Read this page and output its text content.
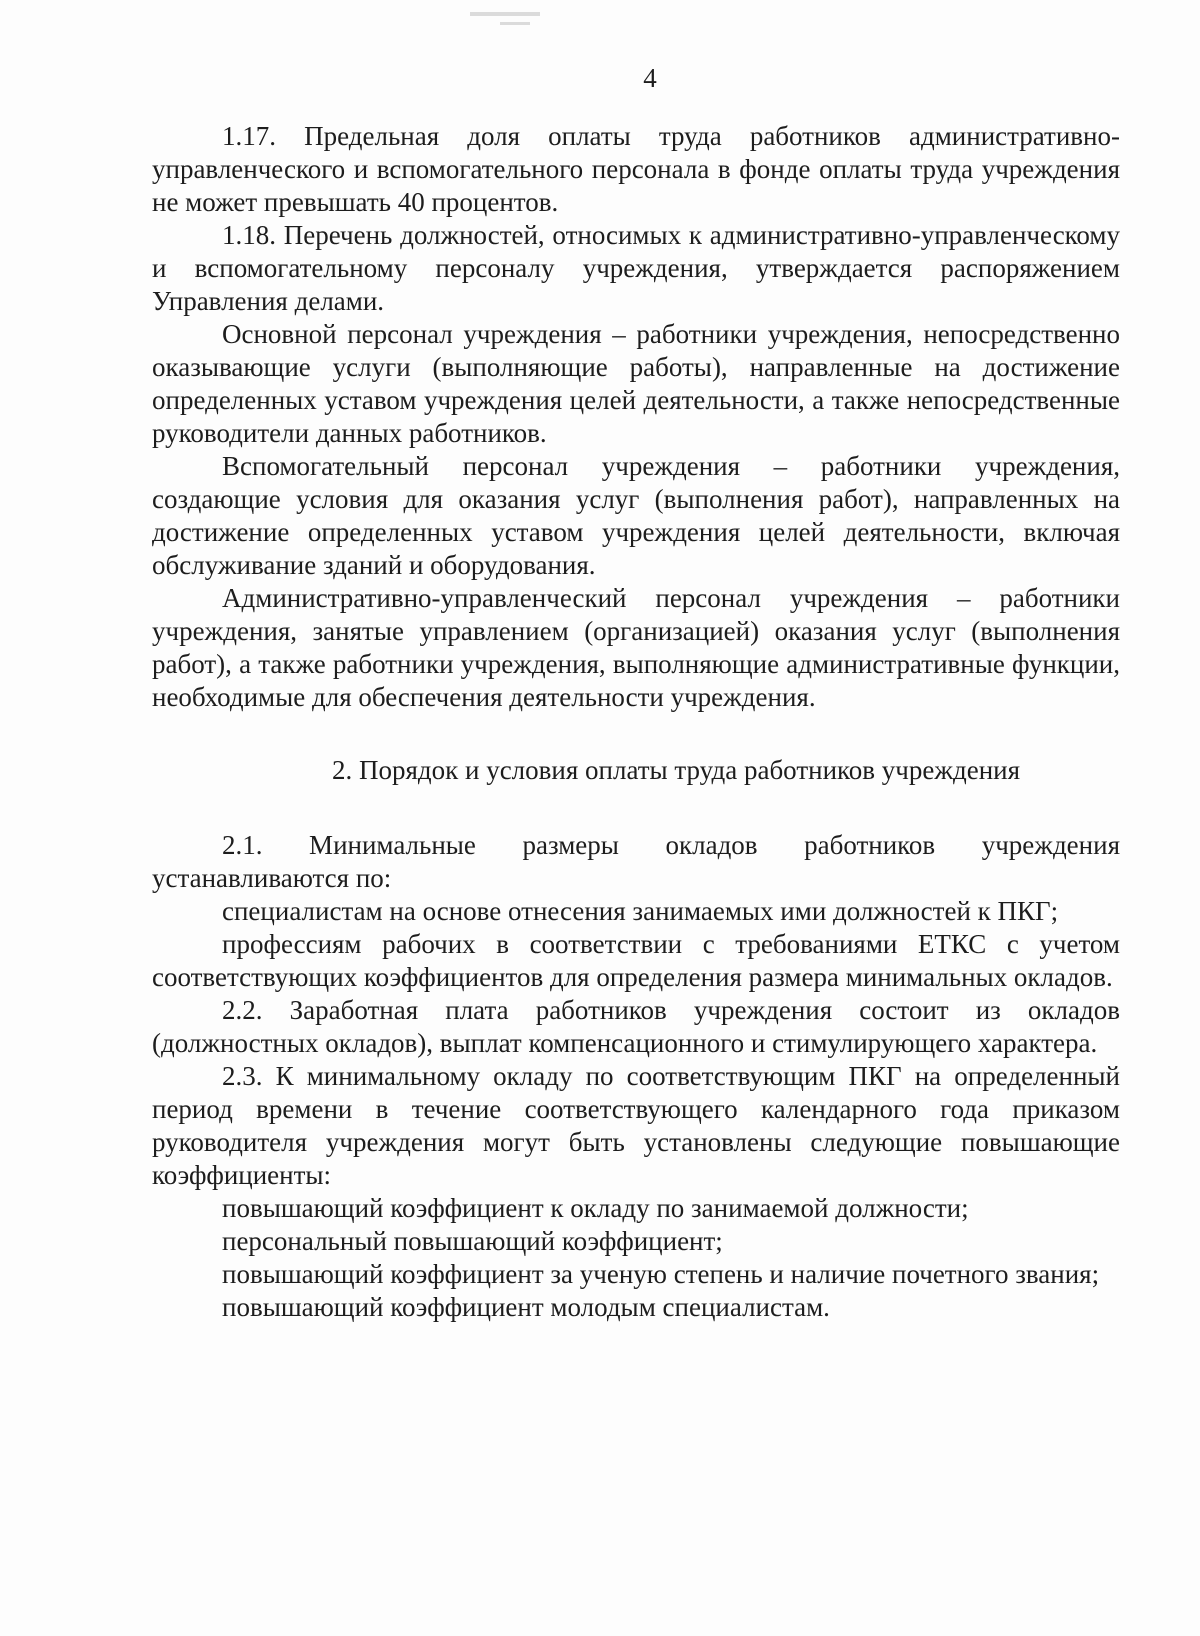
4

1.17. Предельная доля оплаты труда работников административно-управленческого и вспомогательного персонала в фонде оплаты труда учреждения не может превышать 40 процентов.

1.18. Перечень должностей, относимых к административно-управленческому и вспомогательному персоналу учреждения, утверждается распоряжением Управления делами.

Основной персонал учреждения – работники учреждения, непосредственно оказывающие услуги (выполняющие работы), направленные на достижение определенных уставом учреждения целей деятельности, а также непосредственные руководители данных работников.

Вспомогательный персонал учреждения – работники учреждения, создающие условия для оказания услуг (выполнения работ), направленных на достижение определенных уставом учреждения целей деятельности, включая обслуживание зданий и оборудования.

Административно-управленческий персонал учреждения – работники учреждения, занятые управлением (организацией) оказания услуг (выполнения работ), а также работники учреждения, выполняющие административные функции, необходимые для обеспечения деятельности учреждения.

2. Порядок и условия оплаты труда работников учреждения

2.1. Минимальные размеры окладов работников учреждения устанавливаются по:

специалистам на основе отнесения занимаемых ими должностей к ПКГ;

профессиям рабочих в соответствии с требованиями ЕТКС с учетом соответствующих коэффициентов для определения размера минимальных окладов.

2.2. Заработная плата работников учреждения состоит из окладов (должностных окладов), выплат компенсационного и стимулирующего характера.

2.3. К минимальному окладу по соответствующим ПКГ на определенный период времени в течение соответствующего календарного года приказом руководителя учреждения могут быть установлены следующие повышающие коэффициенты:

повышающий коэффициент к окладу по занимаемой должности;

персональный повышающий коэффициент;

повышающий коэффициент за ученую степень и наличие почетного звания;

повышающий коэффициент молодым специалистам.
